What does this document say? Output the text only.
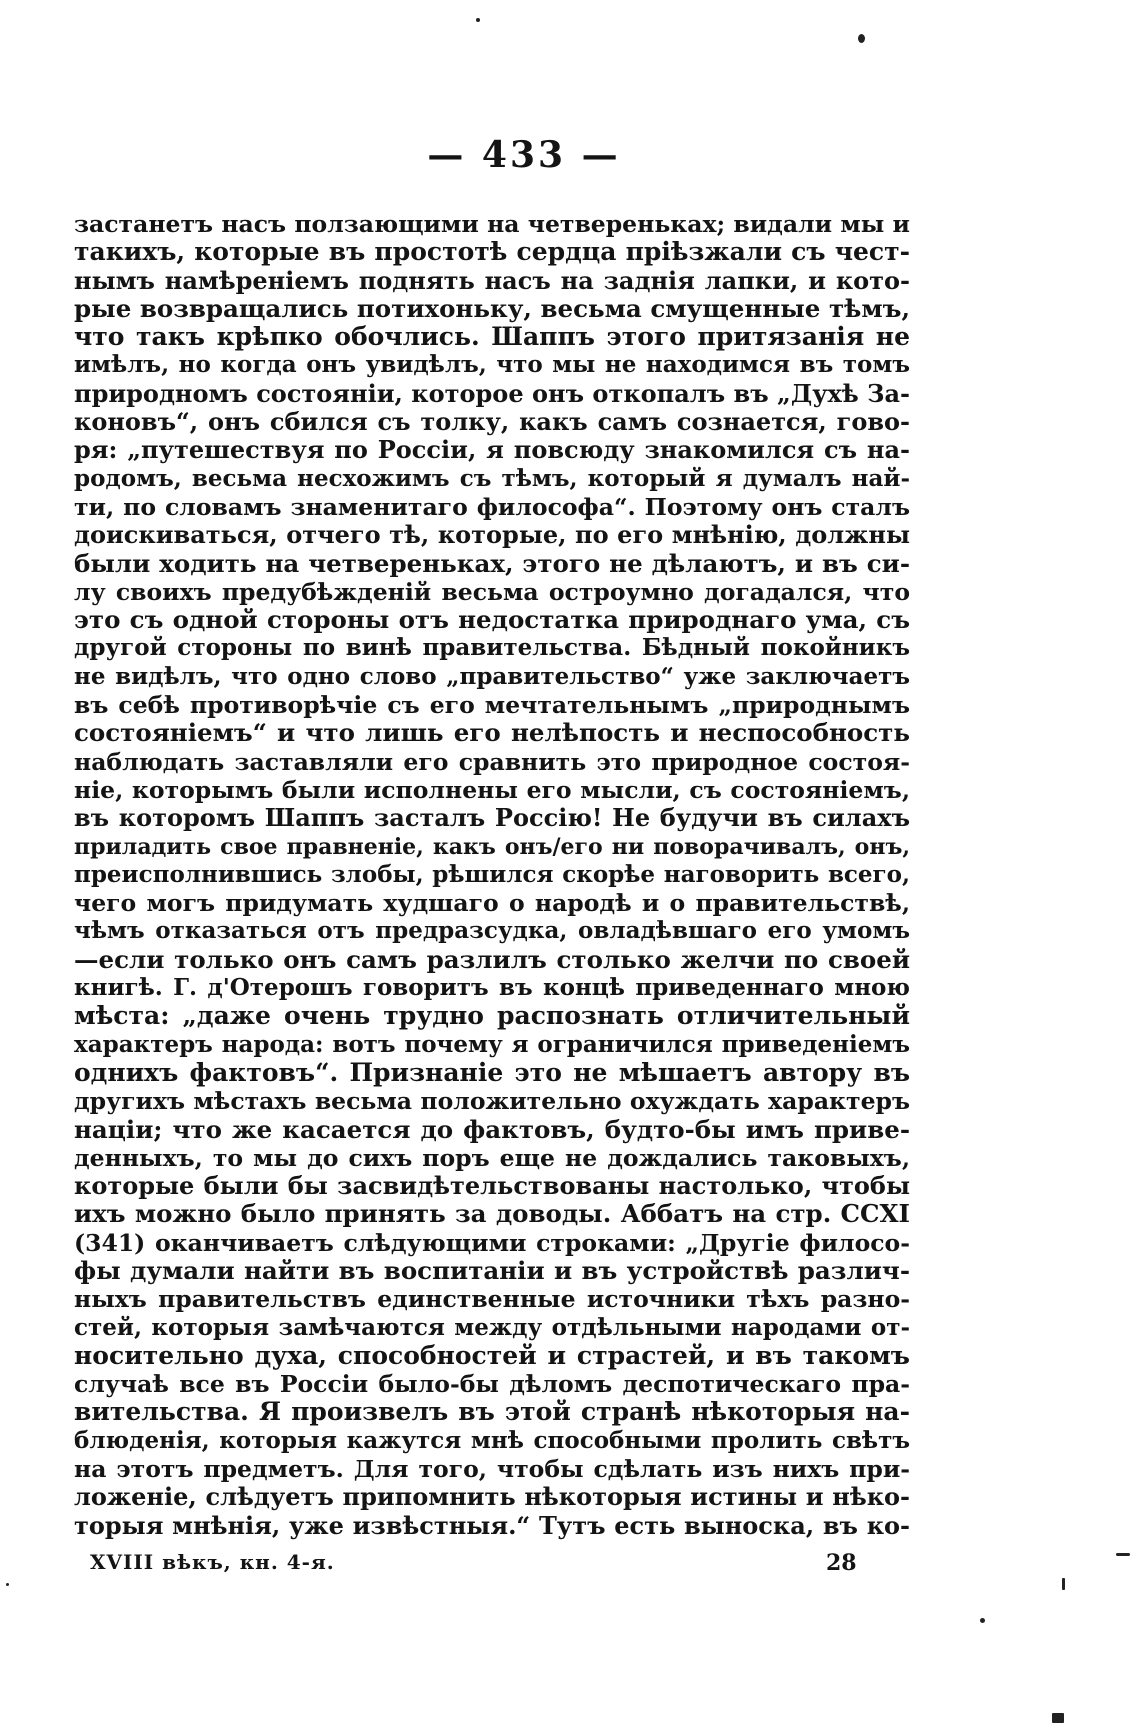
— 433 —
застанетъ насъ ползающими на четвереньках; видали мы и
такихъ, которые въ простотѣ сердца пріѣзжали съ чест-
нымъ намѣреніемъ поднять насъ на заднія лапки, и кото-
рые возвращались потихоньку, весьма смущенные тѣмъ,
что такъ крѣпко обочлись. Шаппъ этого притязанія не
имѣлъ, но когда онъ увидѣлъ, что мы не находимся въ томъ
природномъ состояніи, которое онъ откопалъ въ „Духѣ За-
коновъ“, онъ сбился съ толку, какъ самъ сознается, гово-
ря: „путешествуя по Россіи, я повсюду знакомился съ на-
родомъ, весьма несхожимъ съ тѣмъ, который я думалъ най-
ти, по словамъ знаменитаго философа“. Поэтому онъ сталъ
доискиваться, отчего тѣ, которые, по его мнѣнію, должны
были ходить на четвереньках, этого не дѣлаютъ, и въ си-
лу своихъ предубѣжденій весьма остроумно догадался, что
это съ одной стороны отъ недостатка природнаго ума, съ
другой стороны по винѣ правительства. Бѣдный покойникъ
не видѣлъ, что одно слово „правительство“ уже заключаетъ
въ себѣ противорѣчіе съ его мечтательнымъ „природнымъ
состояніемъ“ и что лишь его нелѣпость и неспособность
наблюдать заставляли его сравнить это природное состоя-
ніе, которымъ были исполнены его мысли, съ состояніемъ,
въ которомъ Шаппъ засталъ Россію! Не будучи въ силахъ
приладить свое правненіе, какъ онъ/его ни поворачивалъ, онъ,
преисполнившись злобы, рѣшился скорѣе наговорить всего,
чего могъ придумать худшаго о народѣ и о правительствѣ,
чѣмъ отказаться отъ предразсудка, овладѣвшаго его умомъ
—если только онъ самъ разлилъ столько желчи по своей
книгѣ. Г. д'Отерошъ говоритъ въ концѣ приведеннаго мною
мѣста: „даже очень трудно распознать отличительный
характеръ народа: вотъ почему я ограничился приведеніемъ
однихъ фактовъ“. Признаніе это не мѣшаетъ автору въ
другихъ мѣстахъ весьма положительно охуждать характеръ
націи; что же касается до фактовъ, будто-бы имъ приве-
денныхъ, то мы до сихъ поръ еще не дождались таковыхъ,
которые были бы засвидѣтельствованы настолько, чтобы
ихъ можно было принять за доводы. Аббатъ на стр. CCXI
(341) оканчиваетъ слѣдующими строками: „Другіе филосо-
фы думали найти въ воспитаніи и въ устройствѣ различ-
ныхъ правительствъ единственные источники тѣхъ разно-
стей, которыя замѣчаются между отдѣльными народами от-
носительно духа, способностей и страстей, и въ такомъ
случаѣ все въ Россіи было-бы дѣломъ деспотическаго пра-
вительства. Я произвелъ въ этой странѣ нѣкоторыя на-
блюденія, которыя кажутся мнѣ способными пролить свѣтъ
на этотъ предметъ. Для того, чтобы сдѣлать изъ нихъ при-
ложеніе, слѣдуетъ припомнить нѣкоторыя истины и нѣко-
торыя мнѣнія, уже извѣстныя.“ Тутъ есть выноска, въ ко-
XVIII вѣкъ, кн. 4-я.	28
